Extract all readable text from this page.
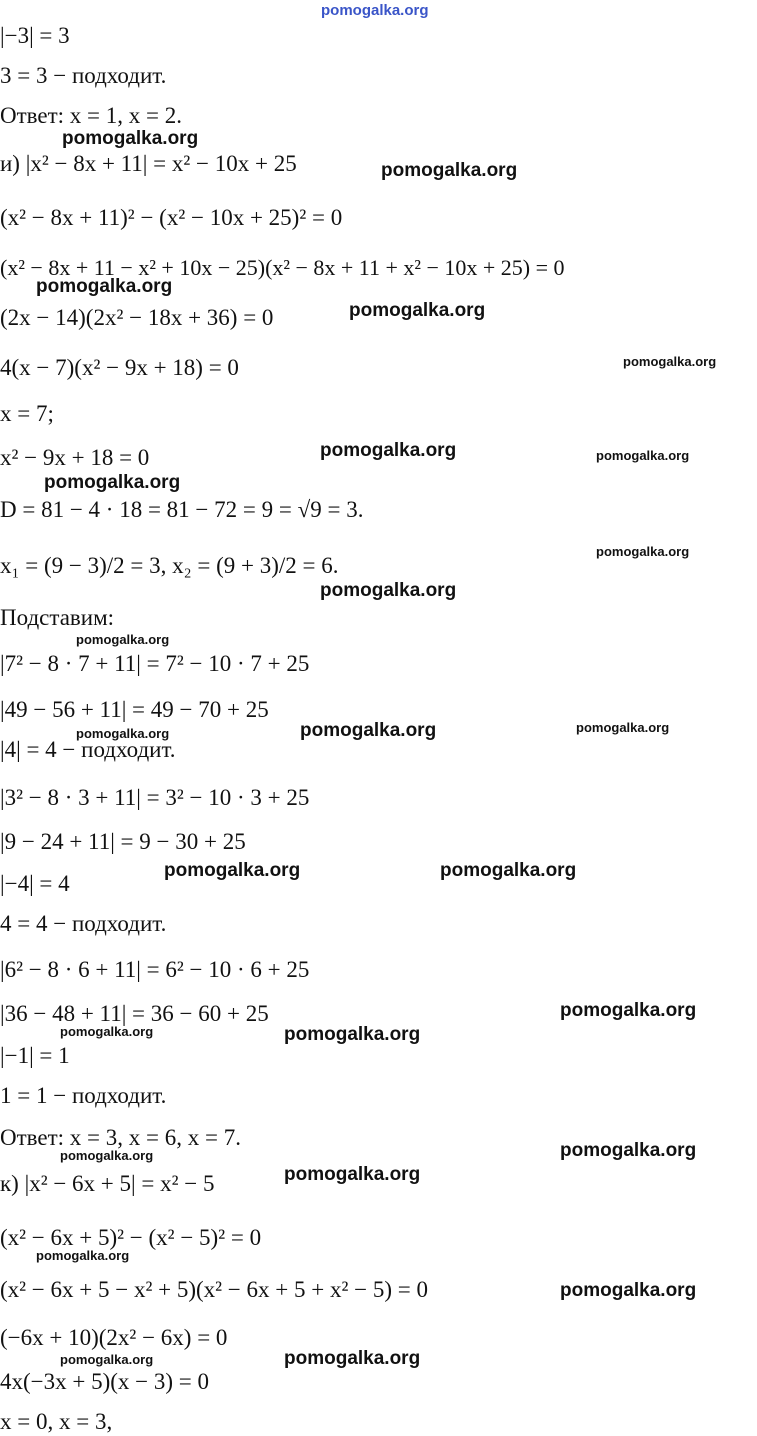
pomogalka.org
|−3| = 3
3 = 3 − подходит.
Ответ: x = 1, x = 2.
и) |x² − 8x + 11| = x² − 10x + 25
(x² − 8x + 11)² − (x² − 10x + 25)² = 0
(x² − 8x + 11 − x² + 10x − 25)(x² − 8x + 11 + x² − 10x + 25) = 0
(2x − 14)(2x² − 18x + 36) = 0
4(x − 7)(x² − 9x + 18) = 0
x = 7;
x² − 9x + 18 = 0
D = 81 − 4 · 18 = 81 − 72 = 9 = √9 = 3.
x₁ = (9 − 3)/2 = 3, x₂ = (9 + 3)/2 = 6.
Подставим:
|7² − 8 · 7 + 11| = 7² − 10 · 7 + 25
|49 − 56 + 11| = 49 − 70 + 25
|4| = 4 − подходит.
|3² − 8 · 3 + 11| = 3² − 10 · 3 + 25
|9 − 24 + 11| = 9 − 30 + 25
|−4| = 4
4 = 4 − подходит.
|6² − 8 · 6 + 11| = 6² − 10 · 6 + 25
|36 − 48 + 11| = 36 − 60 + 25
|−1| = 1
1 = 1 − подходит.
Ответ: x = 3, x = 6, x = 7.
к) |x² − 6x + 5| = x² − 5
(x² − 6x + 5)² − (x² − 5)² = 0
(x² − 6x + 5 − x² + 5)(x² − 6x + 5 + x² − 5) = 0
(−6x + 10)(2x² − 6x) = 0
4x(−3x + 5)(x − 3) = 0
x = 0, x = 3,
pomogalka.org
pomogalka.org
pomogalka.org
pomogalka.org
pomogalka.org
pomogalka.org	pomogalka.org
pomogalka.org
pomogalka.org
pomogalka.org
pomogalka.org
pomogalka.org	pomogalka.org	pomogalka.org
pomogalka.org	pomogalka.org
pomogalka.org
pomogalka.org	pomogalka.org
pomogalka.org
pomogalka.org
pomogalka.org
pomogalka.org
pomogalka.org
pomogalka.org	pomogalka.org
